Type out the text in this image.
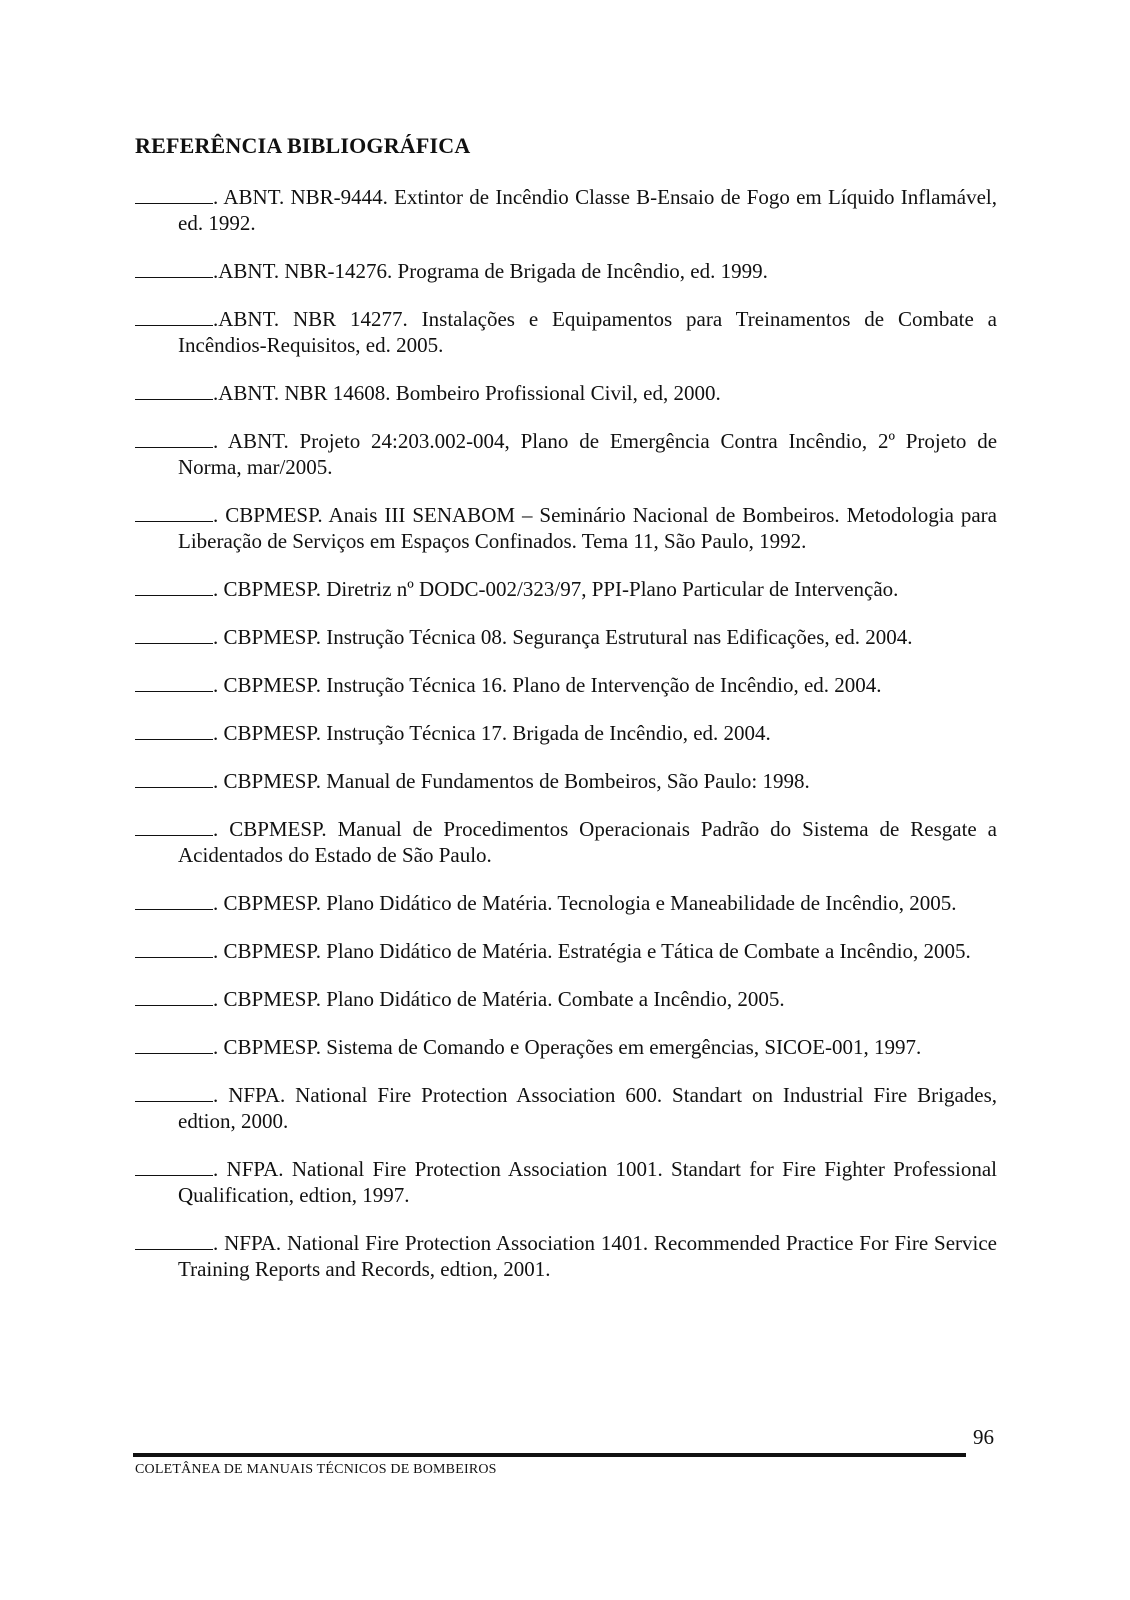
REFERÊNCIA BIBLIOGRÁFICA

. ABNT. NBR-9444. Extintor de Incêndio Classe B-Ensaio de Fogo em Líquido Inflamável, ed. 1992.

.ABNT. NBR-14276. Programa de Brigada de Incêndio, ed. 1999.

.ABNT. NBR 14277. Instalações e Equipamentos para Treinamentos de Combate a Incêndios-Requisitos, ed. 2005.

.ABNT. NBR 14608. Bombeiro Profissional Civil, ed, 2000.

. ABNT. Projeto 24:203.002-004, Plano de Emergência Contra Incêndio, 2º Projeto de Norma, mar/2005.

. CBPMESP. Anais III SENABOM – Seminário Nacional de Bombeiros. Metodologia para Liberação de Serviços em Espaços Confinados. Tema 11, São Paulo, 1992.

. CBPMESP. Diretriz nº DODC-002/323/97, PPI-Plano Particular de Intervenção.

. CBPMESP. Instrução Técnica 08. Segurança Estrutural nas Edificações, ed. 2004.

. CBPMESP. Instrução Técnica 16. Plano de Intervenção de Incêndio, ed. 2004.

. CBPMESP. Instrução Técnica 17. Brigada de Incêndio, ed. 2004.

. CBPMESP. Manual de Fundamentos de Bombeiros, São Paulo: 1998.

. CBPMESP. Manual de Procedimentos Operacionais Padrão do Sistema de Resgate a Acidentados do Estado de São Paulo.

. CBPMESP. Plano Didático de Matéria. Tecnologia e Maneabilidade de Incêndio, 2005.

. CBPMESP. Plano Didático de Matéria. Estratégia e Tática de Combate a Incêndio, 2005.

. CBPMESP. Plano Didático de Matéria. Combate a Incêndio, 2005.

. CBPMESP. Sistema de Comando e Operações em emergências, SICOE-001, 1997.

. NFPA. National Fire Protection Association 600. Standart on Industrial Fire Brigades, edtion, 2000.

. NFPA. National Fire Protection Association 1001. Standart for Fire Fighter Professional Qualification, edtion, 1997.

. NFPA. National Fire Protection Association 1401. Recommended Practice For Fire Service Training Reports and Records, edtion, 2001.

96
COLETÂNEA DE MANUAIS TÉCNICOS DE BOMBEIROS
